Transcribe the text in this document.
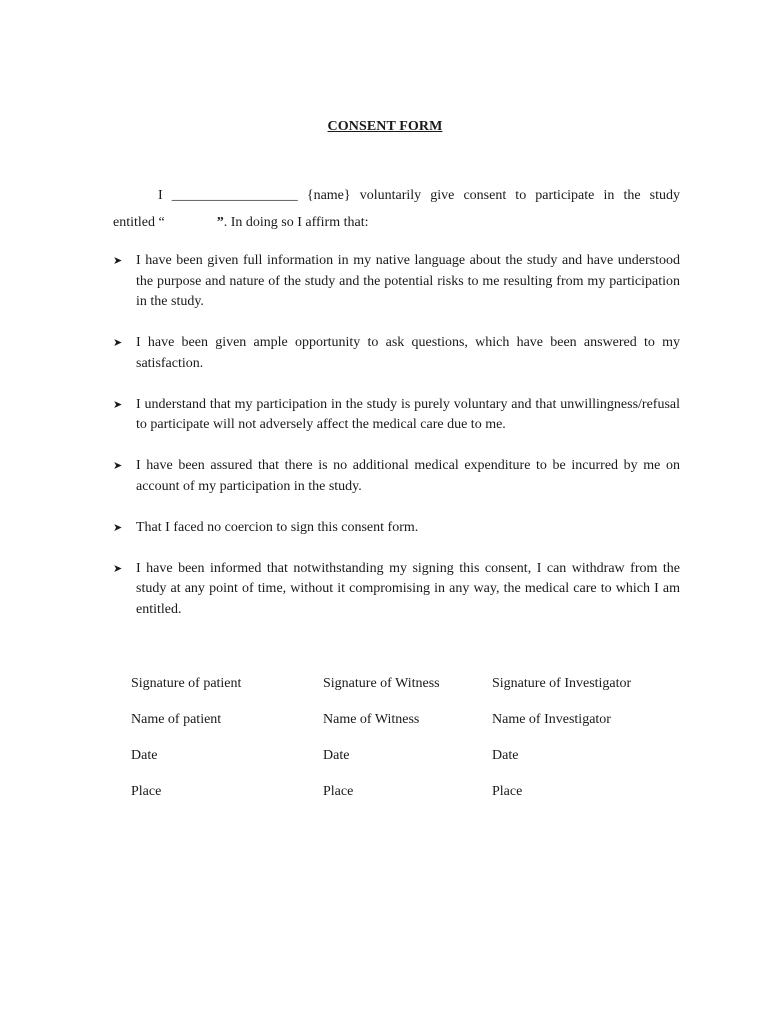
CONSENT FORM
I __________________ {name} voluntarily give consent to participate in the study
entitled “	”. In doing so I affirm that:
➤ I have been given full information in my native language about the study and have understood the purpose and nature of the study and the potential risks to me resulting from my participation in the study.
➤ I have been given ample opportunity to ask questions, which have been answered to my satisfaction.
➤ I understand that my participation in the study is purely voluntary and that unwillingness/refusal to participate will not adversely affect the medical care due to me.
➤ I have been assured that there is no additional medical expenditure to be incurred by me on account of my participation in the study.
➤ That I faced no coercion to sign this consent form.
➤ I have been informed that notwithstanding my signing this consent, I can withdraw from the study at any point of time, without it compromising in any way, the medical care to which I am entitled.
Signature of patient	Signature of Witness	Signature of Investigator
Name of patient	Name of Witness	Name of Investigator
Date	Date	Date
Place	Place	Place
